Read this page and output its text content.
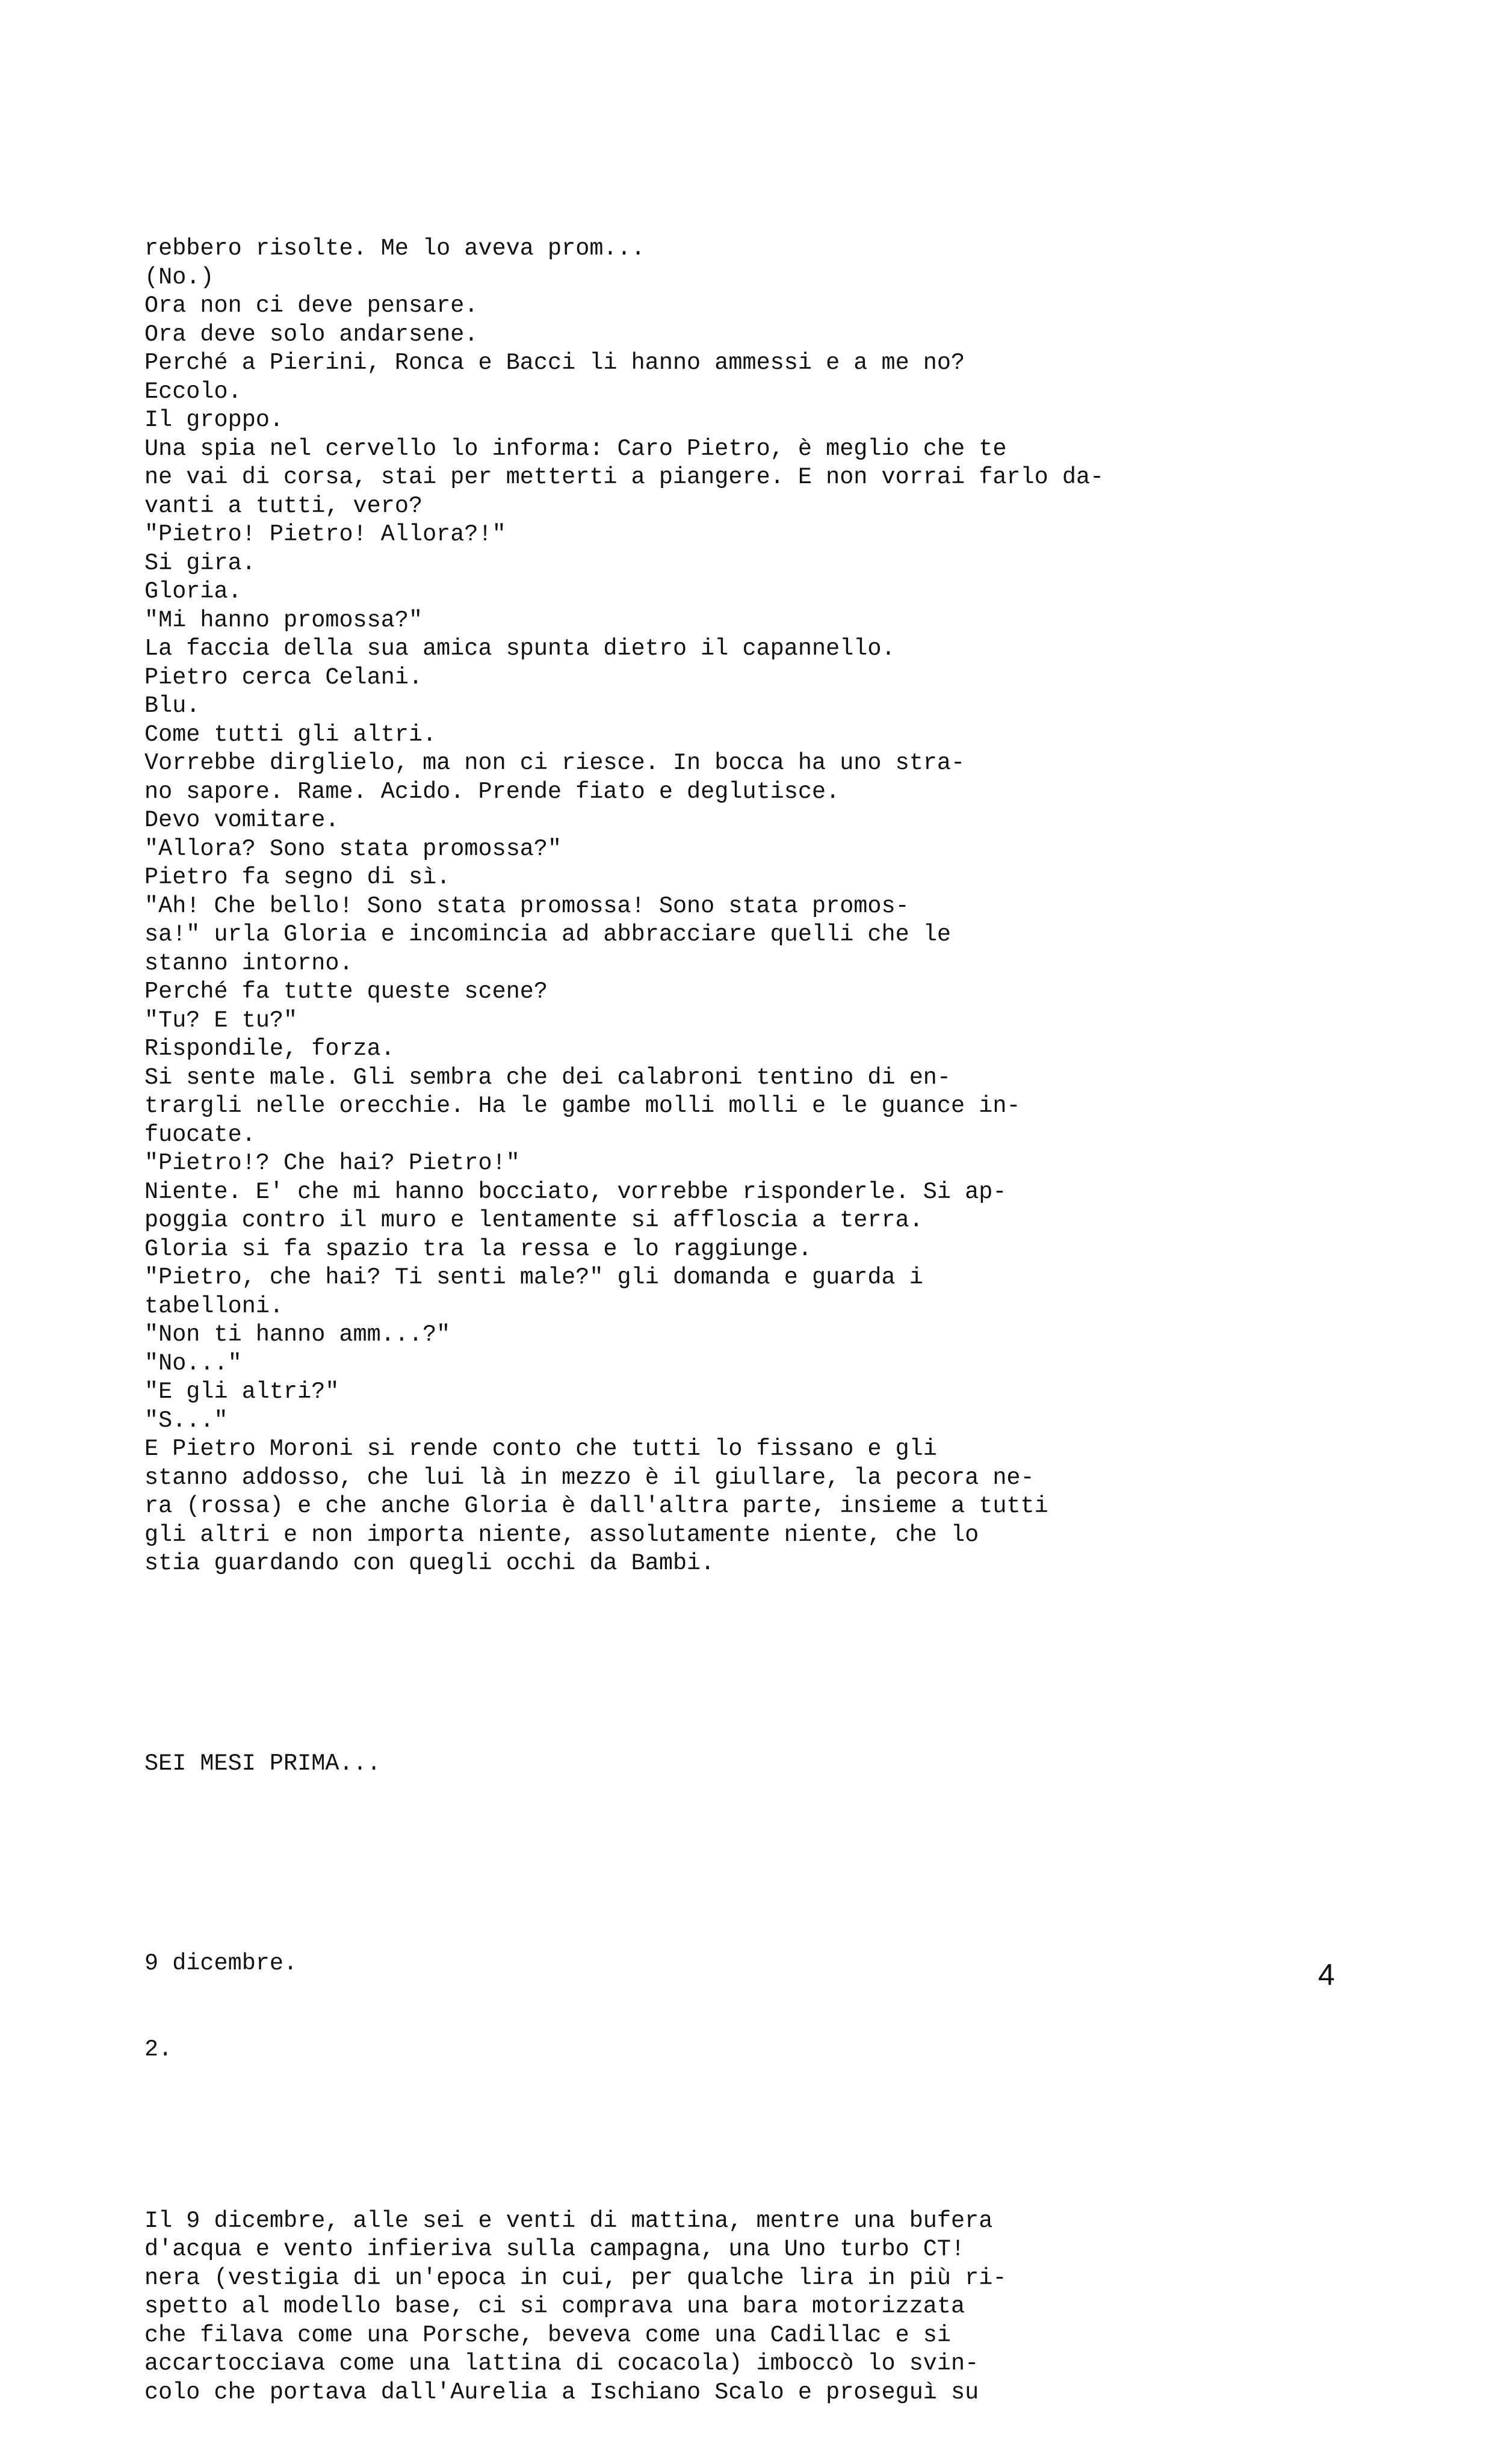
rebbero risolte. Me lo aveva prom...
(No.)
Ora non ci deve pensare.
Ora deve solo andarsene.
Perché a Pierini, Ronca e Bacci li hanno ammessi e a me no?
Eccolo.
Il groppo.
Una spia nel cervello lo informa: Caro Pietro, è meglio che te
ne vai di corsa, stai per metterti a piangere. E non vorrai farlo da-
vanti a tutti, vero?
"Pietro! Pietro! Allora?!"
Si gira.
Gloria.
"Mi hanno promossa?"
La faccia della sua amica spunta dietro il capannello.
Pietro cerca Celani.
Blu.
Come tutti gli altri.
Vorrebbe dirglielo, ma non ci riesce. In bocca ha uno stra-
no sapore. Rame. Acido. Prende fiato e deglutisce.
Devo vomitare.
"Allora? Sono stata promossa?"
Pietro fa segno di sì.
"Ah! Che bello! Sono stata promossa! Sono stata promos-
sa!" urla Gloria e incomincia ad abbracciare quelli che le
stanno intorno.
Perché fa tutte queste scene?
"Tu? E tu?"
Rispondile, forza.
Si sente male. Gli sembra che dei calabroni tentino di en-
trargli nelle orecchie. Ha le gambe molli molli e le guance in-
fuocate.
"Pietro!? Che hai? Pietro!"
Niente. E' che mi hanno bocciato, vorrebbe risponderle. Si ap-
poggia contro il muro e lentamente si affloscia a terra.
Gloria si fa spazio tra la ressa e lo raggiunge.
"Pietro, che hai? Ti senti male?" gli domanda e guarda i
tabelloni.
"Non ti hanno amm...?"
"No..."
"E gli altri?"
"S..."
E Pietro Moroni si rende conto che tutti lo fissano e gli
stanno addosso, che lui là in mezzo è il giullare, la pecora ne-
ra (rossa) e che anche Gloria è dall'altra parte, insieme a tutti
gli altri e non importa niente, assolutamente niente, che lo
stia guardando con quegli occhi da Bambi.

SEI MESI PRIMA...

9 dicembre.

2.

Il 9 dicembre, alle sei e venti di mattina, mentre una bufera
d'acqua e vento infieriva sulla campagna, una Uno turbo CT!
nera (vestigia di un'epoca in cui, per qualche lira in più ri-
spetto al modello base, ci si comprava una bara motorizzata
che filava come una Porsche, beveva come una Cadillac e si
accartocciava come una lattina di cocacola) imboccò lo svin-
colo che portava dall'Aurelia a Ischiano Scalo e proseguì su

4
